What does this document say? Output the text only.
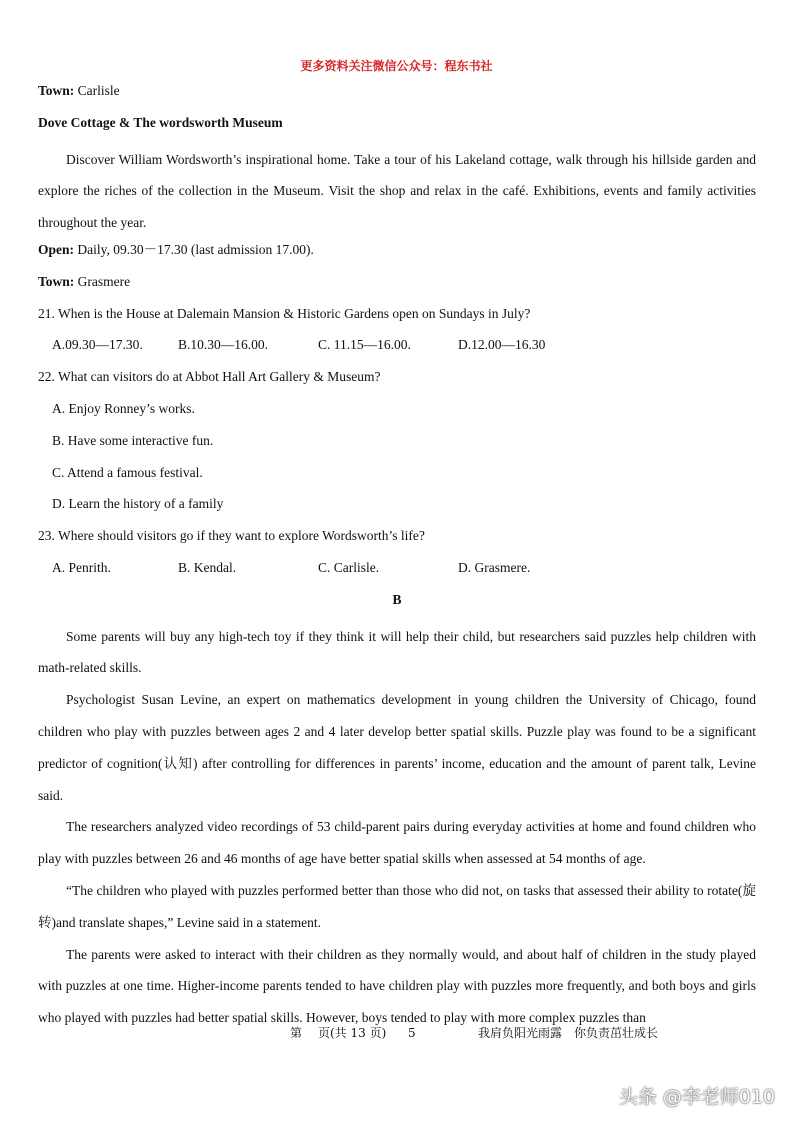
更多资料关注微信公众号：程东书社
Town: Carlisle
Dove Cottage & The wordsworth Museum
Discover William Wordsworth’s inspirational home. Take a tour of his Lakeland cottage, walk through his hillside garden and explore the riches of the collection in the Museum. Visit the shop and relax in the café. Exhibitions, events and family activities throughout the year.
Open: Daily, 09.30－17.30 (last admission 17.00).
Town: Grasmere
21. When is the House at Dalemain Mansion & Historic Gardens open on Sundays in July?
A.09.30—17.30.	B.10.30—16.00.	C. 11.15—16.00.	D.12.00—16.30
22. What can visitors do at Abbot Hall Art Gallery & Museum?
A. Enjoy Ronney’s works.
B. Have some interactive fun.
C. Attend a famous festival.
D. Learn the history of a family
23. Where should visitors go if they want to explore Wordsworth’s life?
A. Penrith.	B. Kendal.	C. Carlisle.	D. Grasmere.
B
Some parents will buy any high-tech toy if they think it will help their child, but researchers said puzzles help children with math-related skills.
Psychologist Susan Levine, an expert on mathematics development in young children the University of Chicago, found children who play with puzzles between ages 2 and 4 later develop better spatial skills. Puzzle play was found to be a significant predictor of cognition(认知) after controlling for differences in parents’ income, education and the amount of parent talk, Levine said.
The researchers analyzed video recordings of 53 child-parent pairs during everyday activities at home and found children who play with puzzles between 26 and 46 months of age have better spatial skills when assessed at 54 months of age.
“The children who played with puzzles performed better than those who did not, on tasks that assessed their ability to rotate(旋转)and translate shapes,” Levine said in a statement.
The parents were asked to interact with their children as they normally would, and about half of children in the study played with puzzles at one time. Higher-income parents tended to have children play with puzzles more frequently, and both boys and girls who played with puzzles had better spatial skills. However, boys tended to play with more complex puzzles than
第 页(共 13 页) 5	我肩负阳光雨露　你负责茁壮成长
头条 @李老师010
